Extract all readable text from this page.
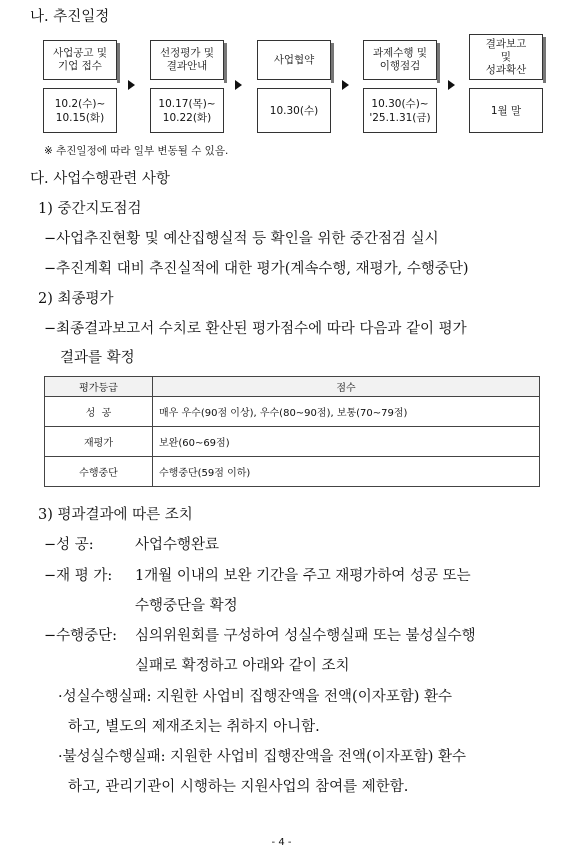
나. 추진일정
사업공고 및
기업 접수
10.2(수)~
10.15(화)
선정평가 및
결과안내
10.17(목)~
10.22(화)
사업협약
10.30(수)
과제수행 및
이행점검
10.30(수)~
'25.1.31(금)
결과보고
및
성과확산
1월 말
※ 추진일정에 따라 일부 변동될 수 있음.
다. 사업수행관련 사항
1) 중간지도점검
−사업추진현황 및 예산집행실적 등 확인을 위한 중간점검 실시
−추진계획 대비 추진실적에 대한 평가(계속수행, 재평가, 수행중단)
2) 최종평가
−최종결과보고서 수치로 환산된 평가점수에 따라 다음과 같이 평가
결과를 확정
평가등급	점수
성  공	매우 우수(90점 이상), 우수(80~90점), 보통(70~79점)
재평가	보완(60~69점)
수행중단	수행중단(59점 이하)
3) 평과결과에 따른 조치
−성 공:	사업수행완료
−재 평 가: 1개월 이내의 보완 기간을 주고 재평가하여 성공 또는
수행중단을 확정
−수행중단: 심의위원회를 구성하여 성실수행실패 또는 불성실수행
실패로 확정하고 아래와 같이 조치
·성실수행실패: 지원한 사업비 집행잔액을 전액(이자포함) 환수
하고, 별도의 제재조치는 취하지 아니함.
·불성실수행실패: 지원한 사업비 집행잔액을 전액(이자포함) 환수
하고, 관리기관이 시행하는 지원사업의 참여를 제한함.
- 4 -
